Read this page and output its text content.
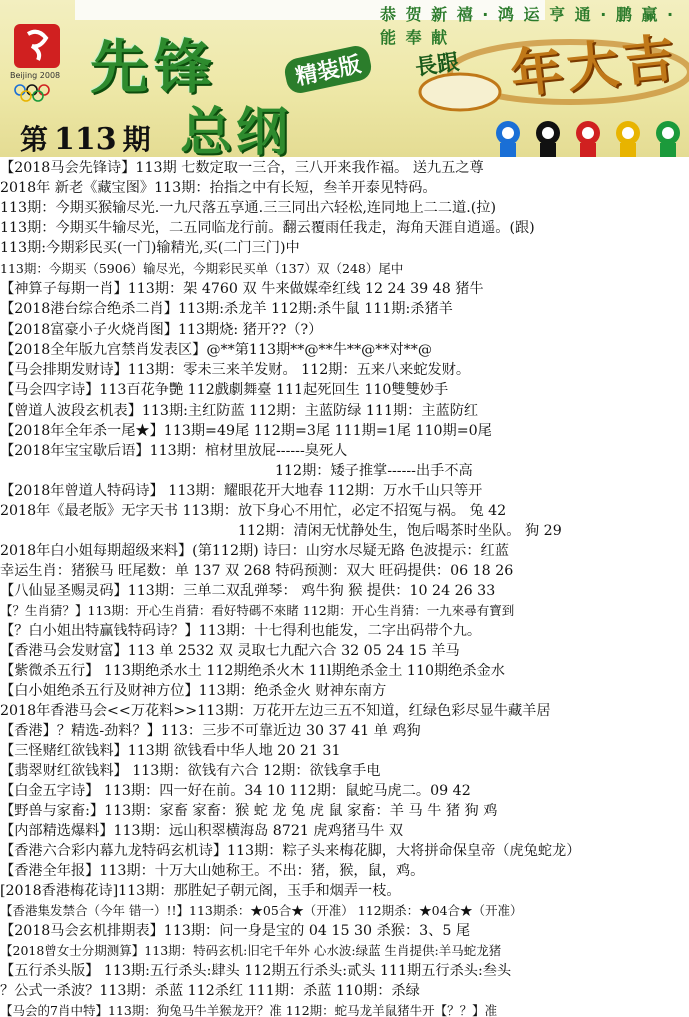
恭 贺 新 禧 · 鸿 运 亨 通 · 鹏 赢 · 能 奉 献
Beijing 2008 先锋	精装版
总纲
第 113 期
長跟 年大吉
【2018马会先锋诗】113期 七数定取一三合，三八开来我作福。 送九五之尊
2018年 新老《藏宝图》113期：抬指之中有长短，叁羊开泰见特码。
113期：今期买猴输尽光.一九尺落五享通.三三同出六轻松,连同地上二二道.(拉)
113期：今期买牛输尽光，二五同临龙行前。翻云覆雨任我走，海角天涯自逍遥。(跟)
113期:今期彩民买(一门)输精光,买(二门三门)中
113期：今期买（5906）输尽光，今期彩民买单（137）双（248）尾中
【神算子每期一肖】113期：架 4760 双 牛来做媒牵红线 12 24 39 48 猪牛
【2018港台综合绝杀二肖】113期:杀龙羊 112期:杀牛鼠 111期:杀猪羊
【2018富豪小子火烧肖图】113期烧: 猪开??（?）
【2018全年版九宫禁肖发表区】@**第113期**@**牛**@**对**@
【马会排期发财诗】113期：零未三来羊发财。 112期：五来八来蛇发财。
【马会四字诗】113百花争艷 112戲劇舞臺 111起死回生 110雙雙妙手
【曾道人波段玄机表】113期:主红防蓝 112期：主蓝防绿 111期：主蓝防红
【2018年全年杀一尾★】113期=49尾 112期=3尾 111期=1尾 110期=0尾
【2018年宝宝歇后语】113期：棺材里放屁------臭死人
112期：矮子推掌------出手不高
【2018年曾道人特码诗】 113期：耀眼花开大地春 112期：万水千山只等开
2018年《最老版》无字天书 113期：放下身心不用忙，必定不招冤与祸。 兔 42
112期：清闲无忧静处生，饱后喝茶时坐队。 狗 29
2018年白小姐每期超级来料】(第112期) 诗曰：山穷水尽疑无路 色波提示：红蓝
幸运生肖：猪猴马 旺尾数：单 137 双 268 特码预测：双大 旺码提供：06 18 26
【八仙显圣赐灵码】113期：三单二双乱弹琴： 鸡牛狗 猴 提供：10 24 26 33
【？生肖猜？】113期：开心生肖猜：看好特碼不來睹 112期：开心生肖猜：一九來尋有寶到
【？白小姐出特赢钱特码诗？】113期：十七得利也能发，二字出码带个九。
【香港马会发财富】113 单 2532 双 灵取七九配六合 32 05 24 15 羊马
【紫微杀五行】 113期绝杀水土 112期绝杀火木 11l期绝杀金土 110期绝杀金水
【白小姐绝杀五行及财神方位】113期：绝杀金火 财神东南方
2018年香港马会<<万花料>>113期：万花开左边三五不知道，红绿色彩尽显牛藏羊居
【香港】？精选-劲料？】113：三步不可靠近边 30 37 41 单 鸡狗
【三怪赌红欲钱料】113期 欲钱看中华人地 20 21 31
【翡翠财红欲钱料】 113期：欲钱有六合 12期：欲钱拿手电
【白金五字诗】 113期：四一好在前。34 10 112期：鼠蛇马虎二。09 42
【野兽与家畜:】113期：家畜 家畜：猴 蛇 龙 兔 虎 鼠 家畜：羊 马 牛 猪 狗 鸡
【内部精选爆料】113期：远山积翠横海岛 8721 虎鸡猪马牛 双
【香港六合彩内幕九龙特码玄机诗】113期：粽子头来梅花脚，大将拼命保皇帝（虎兔蛇龙）
【香港全年报】113期：十万大山她称王。不出：猪，猴，鼠，鸡。
[2018香港梅花诗]113期：那胜妃子朝元阁，玉手和烟弄一枝。
【香港集发禁合（今年 错一）!!】113期杀：★05合★（开准） 112期杀：★04合★（开准）
【2018马会玄机排期表】113期：问一身是宝的 04 15 30 杀猴：3、5 尾
【2018曾女士分期测算】113期：特码玄机:旧宅千年外 心水波:绿蓝 生肖提供:羊马蛇龙猪
【五行杀头版】 113期:五行杀头:肆头 112期五行杀头:贰头 111期五行杀头:叁头
？公式一杀波？113期：杀蓝 112杀红 111期：杀蓝 110期：杀绿
【马会的7肖中特】113期：狗兔马牛羊猴龙开？准 112期：蛇马龙羊鼠猪牛开【？？】准
